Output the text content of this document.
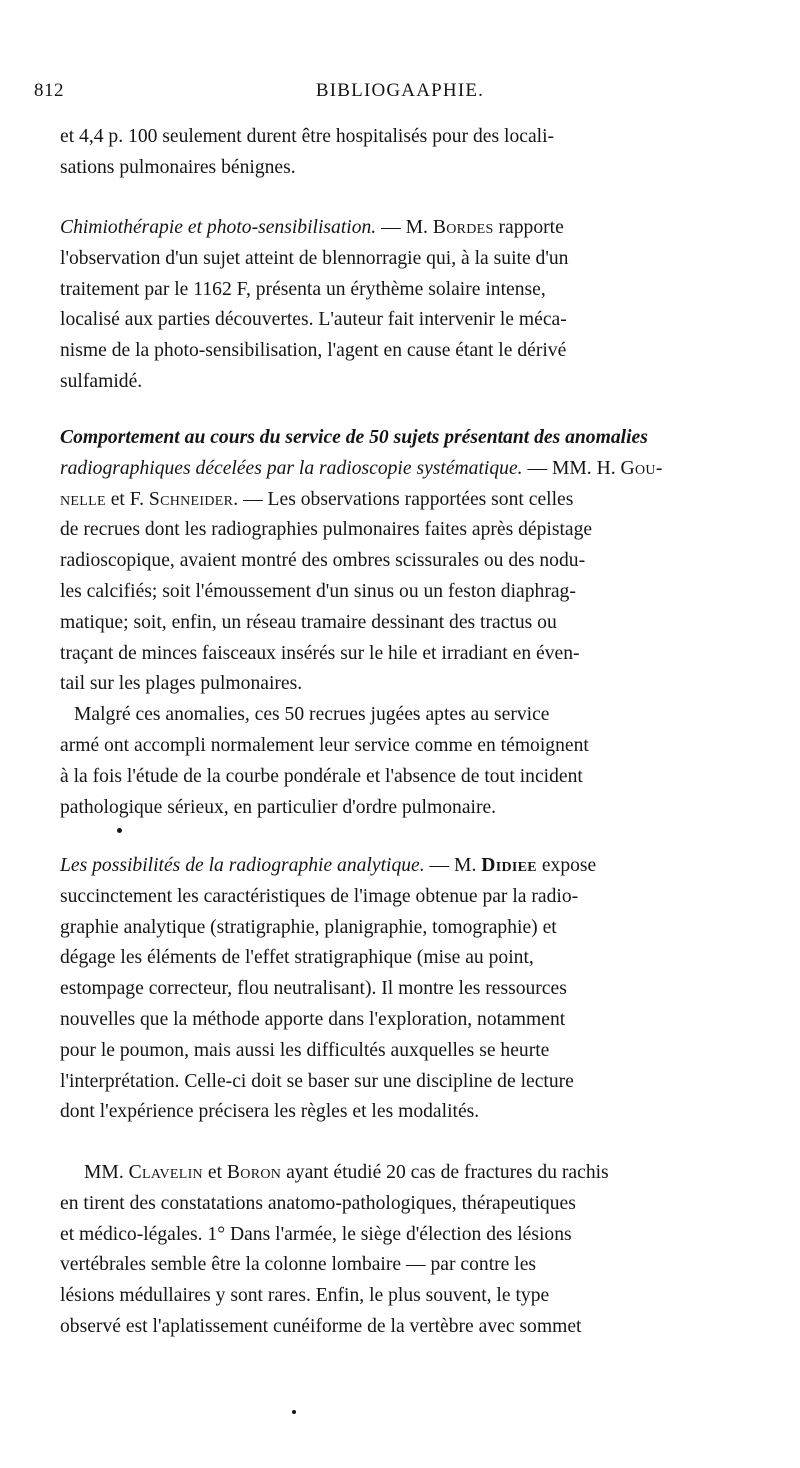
812	BIBLIOGAAPHIE.
et 4,4 p. 100 seulement durent être hospitalisés pour des locali-
sations pulmonaires bénignes.
Chimiothérapie et photo-sensibilisation. — M. Bordes rapporte
l'observation d'un sujet atteint de blennorragie qui, à la suite d'un
traitement par le 1162 F, présenta un érythème solaire intense,
localisé aux parties découvertes. L'auteur fait intervenir le méca-
nisme de la photo-sensibilisation, l'agent en cause étant le dérivé
sulfamidé.
Comportement au cours du service de 50 sujets présentant des anomalies
radiographiques décelées par la radioscopie systématique. — MM. H. Gou-
nelle et F. Schneider. — Les observations rapportées sont celles
de recrues dont les radiographies pulmonaires faites après dépistage
radioscopique, avaient montré des ombres scissurales ou des nodu-
les calcifiés; soit l'émoussement d'un sinus ou un feston diaphrag-
matique; soit, enfin, un réseau tramaire dessinant des tractus ou
traçant de minces faisceaux insérés sur le hile et irradiant en éven-
tail sur les plages pulmonaires.
Malgré ces anomalies, ces 50 recrues jugées aptes au service
armé ont accompli normalement leur service comme en témoignent
à la fois l'étude de la courbe pondérale et l'absence de tout incident
pathologique sérieux, en particulier d'ordre pulmonaire.
Les possibilités de la radiographie analytique. — M. Didiee expose
succinctement les caractéristiques de l'image obtenue par la radio-
graphie analytique (stratigraphie, planigraphie, tomographie) et
dégage les éléments de l'effet stratigraphique (mise au point,
estompage correcteur, flou neutralisant). Il montre les ressources
nouvelles que la méthode apporte dans l'exploration, notamment
pour le poumon, mais aussi les difficultés auxquelles se heurte
l'interprétation. Celle-ci doit se baser sur une discipline de lecture
dont l'expérience précisera les règles et les modalités.
MM. Clavelin et Boron ayant étudié 20 cas de fractures du rachis
en tirent des constatations anatomo-pathologiques, thérapeutiques
et médico-légales. 1° Dans l'armée, le siège d'élection des lésions
vertébrales semble être la colonne lombaire — par contre les
lésions médullaires y sont rares. Enfin, le plus souvent, le type
observé est l'aplatissement cunéiforme de la vertèbre avec sommet
